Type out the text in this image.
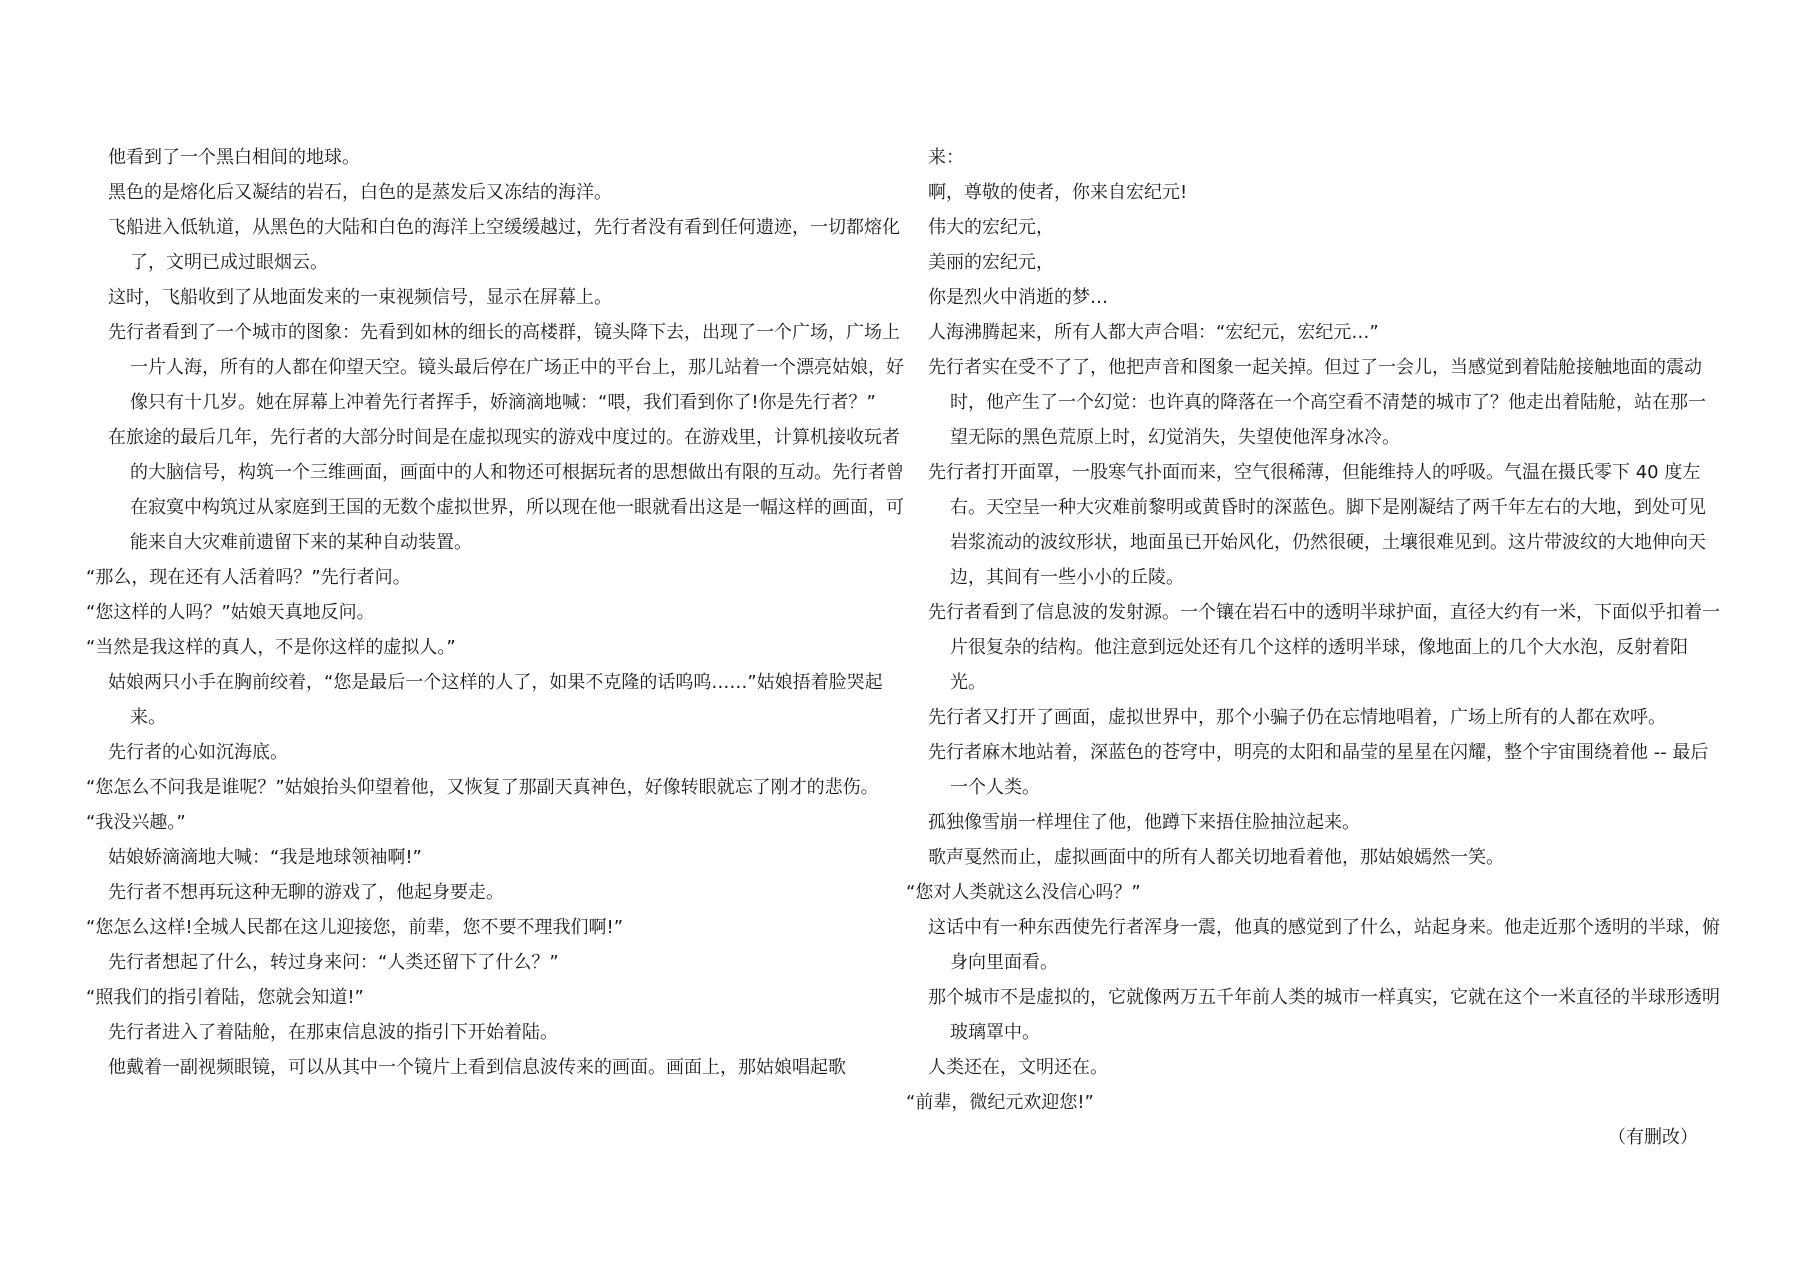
他看到了一个黑白相间的地球。

黑色的是熔化后又凝结的岩石，白色的是蒸发后又冻结的海洋。

飞船进入低轨道，从黑色的大陆和白色的海洋上空缓缓越过，先行者没有看到任何遗迹，一切都熔化了，文明已成过眼烟云。

这时，飞船收到了从地面发来的一束视频信号，显示在屏幕上。

先行者看到了一个城市的图象：先看到如林的细长的高楼群，镜头降下去，出现了一个广场，广场上一片人海，所有的人都在仰望天空。镜头最后停在广场正中的平台上，那儿站着一个漂亮姑娘，好像只有十几岁。她在屏幕上冲着先行者挥手，娇滴滴地喊：“喂，我们看到你了!你是先行者？”

在旅途的最后几年，先行者的大部分时间是在虚拟现实的游戏中度过的。在游戏里，计算机接收玩者的大脑信号，构筑一个三维画面，画面中的人和物还可根据玩者的思想做出有限的互动。先行者曾在寂寞中构筑过从家庭到王国的无数个虚拟世界，所以现在他一眼就看出这是一幅这样的画面，可能来自大灾难前遗留下来的某种自动装置。

“那么，现在还有人活着吗？”先行者问。

“您这样的人吗？”姑娘天真地反问。

“当然是我这样的真人，不是你这样的虚拟人。”

姑娘两只小手在胸前绞着，“您是最后一个这样的人了，如果不克隆的话呜呜……”姑娘捂着脸哭起来。

先行者的心如沉海底。

“您怎么不问我是谁呢？”姑娘抬头仰望着他，又恢复了那副天真神色，好像转眼就忘了刚才的悲伤。

“我没兴趣。”

姑娘娇滴滴地大喊：“我是地球领袖啊!”

先行者不想再玩这种无聊的游戏了，他起身要走。

“您怎么这样!全城人民都在这儿迎接您，前辈，您不要不理我们啊!”

先行者想起了什么，转过身来问：“人类还留下了什么？”

“照我们的指引着陆，您就会知道!”

先行者进入了着陆舱，在那束信息波的指引下开始着陆。

他戴着一副视频眼镜，可以从其中一个镜片上看到信息波传来的画面。画面上，那姑娘唱起歌

来：

啊，尊敬的使者，你来自宏纪元!

伟大的宏纪元，

美丽的宏纪元，

你是烈火中消逝的梦…

人海沸腾起来，所有人都大声合唱：“宏纪元，宏纪元…”

先行者实在受不了了，他把声音和图象一起关掉。但过了一会儿，当感觉到着陆舱接触地面的震动时，他产生了一个幻觉：也许真的降落在一个高空看不清楚的城市了？他走出着陆舱，站在那一望无际的黑色荒原上时，幻觉消失，失望使他浑身冰冷。

先行者打开面罩，一股寒气扑面而来，空气很稀薄，但能维持人的呼吸。气温在摄氏零下 40 度左右。天空呈一种大灾难前黎明或黄昏时的深蓝色。脚下是刚凝结了两千年左右的大地，到处可见岩浆流动的波纹形状，地面虽已开始风化，仍然很硬，土壤很难见到。这片带波纹的大地伸向天边，其间有一些小小的丘陵。

先行者看到了信息波的发射源。一个镶在岩石中的透明半球护面，直径大约有一米，下面似乎扣着一片很复杂的结构。他注意到远处还有几个这样的透明半球，像地面上的几个大水泡，反射着阳光。

先行者又打开了画面，虚拟世界中，那个小骗子仍在忘情地唱着，广场上所有的人都在欢呼。

先行者麻木地站着，深蓝色的苍穹中，明亮的太阳和晶莹的星星在闪耀，整个宇宙围绕着他 -- 最后一个人类。

孤独像雪崩一样埋住了他，他蹲下来捂住脸抽泣起来。

歌声戛然而止，虚拟画面中的所有人都关切地看着他，那姑娘嫣然一笑。

“您对人类就这么没信心吗？”

这话中有一种东西使先行者浑身一震，他真的感觉到了什么，站起身来。他走近那个透明的半球，俯身向里面看。

那个城市不是虚拟的，它就像两万五千年前人类的城市一样真实，它就在这个一米直径的半球形透明玻璃罩中。

人类还在，文明还在。

“前辈，微纪元欢迎您!”

（有删改）
